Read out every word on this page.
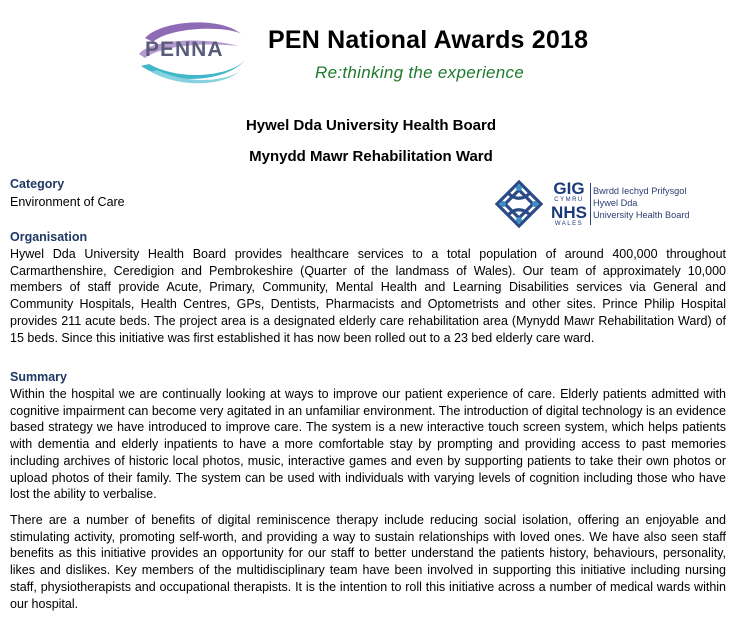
PENNA PEN National Awards 2018
Re:thinking the experience
Hywel Dda University Health Board
Mynydd Mawr Rehabilitation Ward
GIG
CYMRU
NHS
WALES
Bwrdd Iechyd Prifysgol
Hywel Dda
University Health Board
Category
Environment of Care
Organisation
Hywel Dda University Health Board provides healthcare services to a total population of around 400,000 throughout Carmarthenshire, Ceredigion and Pembrokeshire (Quarter of the landmass of Wales). Our team of approximately 10,000 members of staff provide Acute, Primary, Community, Mental Health and Learning Disabilities services via General and Community Hospitals, Health Centres, GPs, Dentists, Pharmacists and Optometrists and other sites. Prince Philip Hospital provides 211 acute beds. The project area is a designated elderly care rehabilitation area (Mynydd Mawr Rehabilitation Ward) of 15 beds. Since this initiative was first established it has now been rolled out to a 23 bed elderly care ward.
Summary
Within the hospital we are continually looking at ways to improve our patient experience of care. Elderly patients admitted with cognitive impairment can become very agitated in an unfamiliar environment. The introduction of digital technology is an evidence based strategy we have introduced to improve care. The system is a new interactive touch screen system, which helps patients with dementia and elderly inpatients to have a more comfortable stay by prompting and providing access to past memories including archives of historic local photos, music, interactive games and even by supporting patients to take their own photos or upload photos of their family. The system can be used with individuals with varying levels of cognition including those who have lost the ability to verbalise.
There are a number of benefits of digital reminiscence therapy include reducing social isolation, offering an enjoyable and stimulating activity, promoting self-worth, and providing a way to sustain relationships with loved ones. We have also seen staff benefits as this initiative provides an opportunity for our staff to better understand the patients history, behaviours, personality, likes and dislikes. Key members of the multidisciplinary team have been involved in supporting this initiative including nursing staff, physiotherapists and occupational therapists. It is the intention to roll this initiative across a number of medical wards within our hospital.
